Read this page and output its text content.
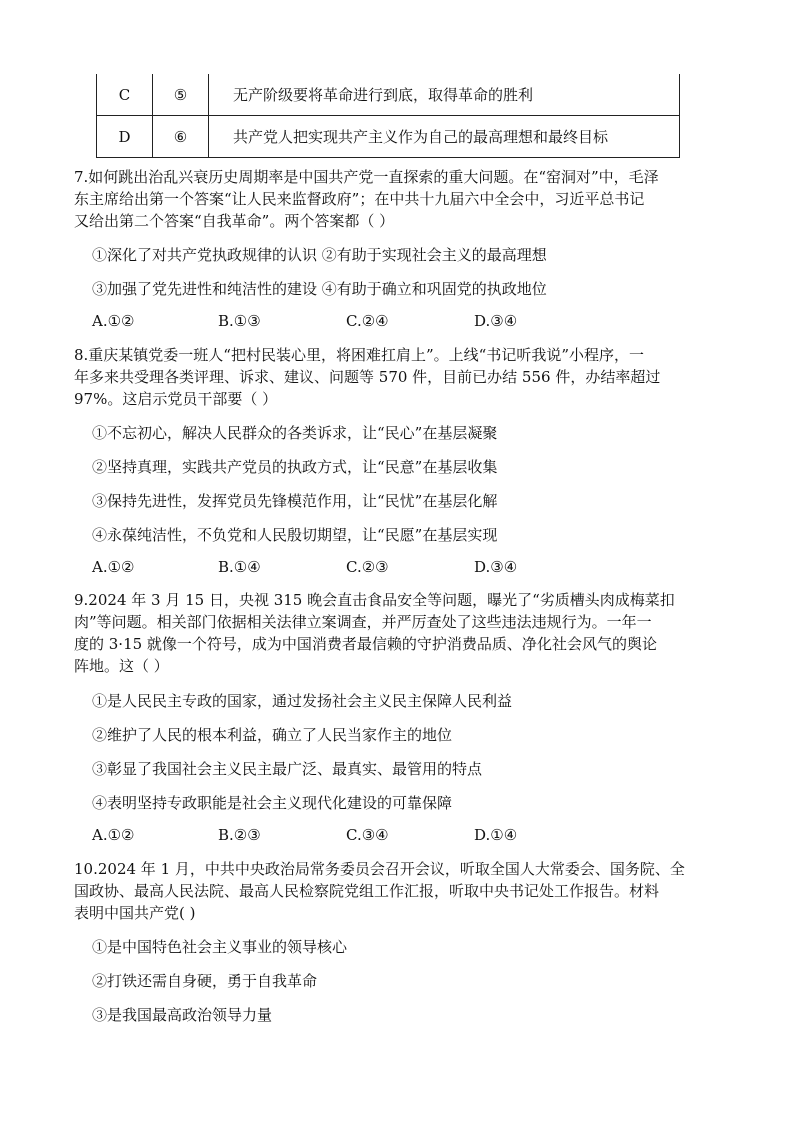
C	⑤	无产阶级要将革命进行到底，取得革命的胜利
D	⑥	共产党人把实现共产主义作为自己的最高理想和最终目标
7.如何跳出治乱兴衰历史周期率是中国共产党一直探索的重大问题。在“窑洞对”中，毛泽
东主席给出第一个答案“让人民来监督政府”；在中共十九届六中全会中，习近平总书记
又给出第二个答案“自我革命”。两个答案都（ ）
①深化了对共产党执政规律的认识 ②有助于实现社会主义的最高理想
③加强了党先进性和纯洁性的建设 ④有助于确立和巩固党的执政地位
A.①②	B.①③	C.②④	D.③④
8.重庆某镇党委一班人“把村民装心里，将困难扛肩上”。上线“书记听我说”小程序，一
年多来共受理各类评理、诉求、建议、问题等 570 件，目前已办结 556 件，办结率超过
97%。这启示党员干部要（ ）
①不忘初心，解决人民群众的各类诉求，让“民心”在基层凝聚
②坚持真理，实践共产党员的执政方式，让“民意”在基层收集
③保持先进性，发挥党员先锋模范作用，让“民忧”在基层化解
④永葆纯洁性，不负党和人民殷切期望，让“民愿”在基层实现
A.①②	B.①④	C.②③	D.③④
9.2024 年 3 月 15 日，央视 315 晚会直击食品安全等问题，曝光了“劣质槽头肉成梅菜扣
肉”等问题。相关部门依据相关法律立案调查，并严厉查处了这些违法违规行为。一年一
度的 3·15 就像一个符号，成为中国消费者最信赖的守护消费品质、净化社会风气的舆论
阵地。这（ ）
①是人民民主专政的国家，通过发扬社会主义民主保障人民利益
②维护了人民的根本利益，确立了人民当家作主的地位
③彰显了我国社会主义民主最广泛、最真实、最管用的特点
④表明坚持专政职能是社会主义现代化建设的可靠保障
A.①②	B.②③	C.③④	D.①④
10.2024 年 1 月，中共中央政治局常务委员会召开会议，听取全国人大常委会、国务院、全
国政协、最高人民法院、最高人民检察院党组工作汇报，听取中央书记处工作报告。材料
表明中国共产党( )
①是中国特色社会主义事业的领导核心
②打铁还需自身硬，勇于自我革命
③是我国最高政治领导力量
